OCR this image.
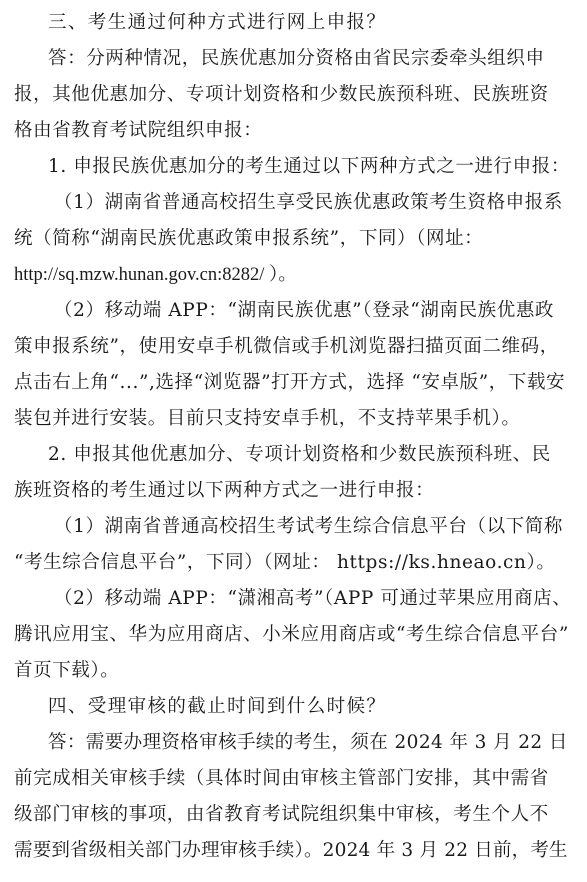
三、考生通过何种方式进行网上申报？
答：分两种情况，民族优惠加分资格由省民宗委牵头组织申
报，其他优惠加分、专项计划资格和少数民族预科班、民族班资
格由省教育考试院组织申报：
1. 申报民族优惠加分的考生通过以下两种方式之一进行申报：
（1）湖南省普通高校招生享受民族优惠政策考生资格申报系
统（简称“湖南民族优惠政策申报系统”，下同）（网址：
http://sq.mzw.hunan.gov.cn:8282/ ）。
（2）移动端 APP：“湖南民族优惠”（登录“湖南民族优惠政
策申报系统”，使用安卓手机微信或手机浏览器扫描页面二维码，
点击右上角“...”,选择“浏览器”打开方式，选择 “安卓版”，下载安
装包并进行安装。目前只支持安卓手机，不支持苹果手机）。
2. 申报其他优惠加分、专项计划资格和少数民族预科班、民
族班资格的考生通过以下两种方式之一进行申报：
（1）湖南省普通高校招生考试考生综合信息平台（以下简称
“考生综合信息平台”，下同）（网址： https://ks.hneao.cn）。
（2）移动端 APP：“潇湘高考”（APP 可通过苹果应用商店、
腾讯应用宝、华为应用商店、小米应用商店或“考生综合信息平台”
首页下载）。
四、受理审核的截止时间到什么时候？
答：需要办理资格审核手续的考生，须在 2024 年 3 月 22 日
前完成相关审核手续（具体时间由审核主管部门安排，其中需省
级部门审核的事项，由省教育考试院组织集中审核，考生个人不
需要到省级相关部门办理审核手续）。2024 年 3 月 22 日前，考生
